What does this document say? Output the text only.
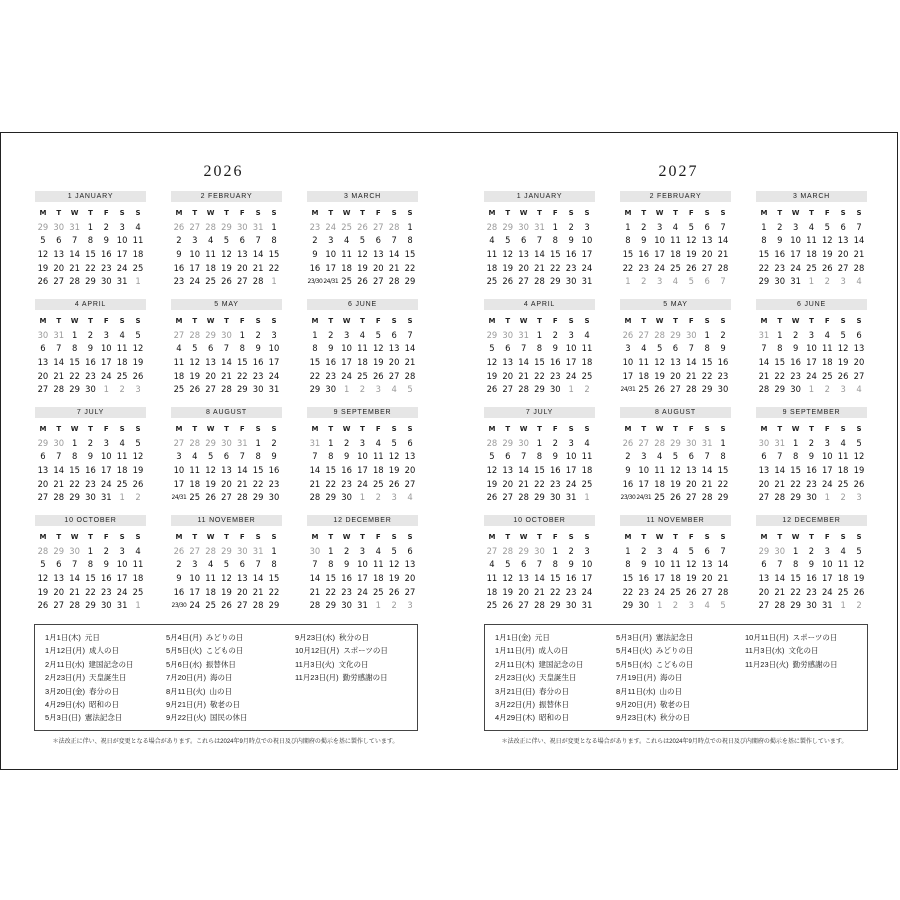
2026
1 JANUARY
M	T	W	T	F	S	S
29 30 31 1	2	3	4
5	6	7	8	9 10 11
12 13 14 15 16 17 18
19 20 21 22 23 24 25
26 27 28 29 30 31 1
2 FEBRUARY
M	T	W	T	F	S	S
26 27 28 29 30 31 1
2	3	4	5	6	7	8
9 10 11 12 13 14 15
16 17 18 19 20 21 22
23 24 25 26 27 28 1
3 MARCH
M	T	W	T	F	S	S
23 24 25 26 27 28 1
2	3	4	5	6	7	8
9 10 11 12 13 14 15
16 17 18 19 20 21 22
23/30 24/31 25 26 27 28 29
4 APRIL
M	T	W	T	F	S	S
30 31 1	2	3	4	5
6	7	8	9 10 11 12
13 14 15 16 17 18 19
20 21 22 23 24 25 26
27 28 29 30 1	2	3
5 MAY
M	T	W	T	F	S	S
27 28 29 30 1	2	3
4	5	6	7	8	9 10
11 12 13 14 15 16 17
18 19 20 21 22 23 24
25 26 27 28 29 30 31
6 JUNE
M	T	W	T	F	S	S
1	2	3	4	5	6	7
8	9 10 11 12 13 14
15 16 17 18 19 20 21
22 23 24 25 26 27 28
29 30 1	2	3	4	5
7 JULY
M	T	W	T	F	S	S
29 30 1	2	3	4	5
6	7	8	9 10 11 12
13 14 15 16 17 18 19
20 21 22 23 24 25 26
27 28 29 30 31 1	2
8 AUGUST
M	T	W	T	F	S	S
27 28 29 30 31 1	2
3	4	5	6	7	8	9
10 11 12 13 14 15 16
17 18 19 20 21 22 23
24/31 25 26 27 28 29 30
9 SEPTEMBER
M	T	W	T	F	S	S
31 1	2	3	4	5	6
7	8	9 10 11 12 13
14 15 16 17 18 19 20
21 22 23 24 25 26 27
28 29 30 1	2	3	4
10 OCTOBER
M	T	W	T	F	S	S
28 29 30 1	2	3	4
5	6	7	8	9 10 11
12 13 14 15 16 17 18
19 20 21 22 23 24 25
26 27 28 29 30 31 1
11 NOVEMBER
M	T	W	T	F	S	S
26 27 28 29 30 31 1
2	3	4	5	6	7	8
9 10 11 12 13 14 15
16 17 18 19 20 21 22
23/30 24 25 26 27 28 29
12 DECEMBER
M	T	W	T	F	S	S
30 1	2	3	4	5	6
7	8	9 10 11 12 13
14 15 16 17 18 19 20
21 22 23 24 25 26 27
28 29 30 31 1	2	3
1月1日(木) 元日
1月12日(月) 成人の日
2月11日(水) 建国記念の日
2月23日(月) 天皇誕生日
3月20日(金) 春分の日
4月29日(水) 昭和の日
5月3日(日) 憲法記念日
5月4日(月) みどりの日
5月5日(火) こどもの日
5月6日(水) 振替休日
7月20日(月) 海の日
8月11日(火) 山の日
9月21日(月) 敬老の日
9月22日(火) 国民の休日
9月23日(水) 秋分の日
10月12日(月) スポーツの日
11月3日(火) 文化の日
11月23日(月) 勤労感謝の日
＊法改正に伴い、祝日が変更となる場合があります。これらは2024年9月時点での祝日及び内閣府の掲示を基に製作しています。
2027
1 JANUARY
M	T	W	T	F	S	S
28 29 30 31 1	2	3
4	5	6	7	8	9 10
11 12 13 14 15 16 17
18 19 20 21 22 23 24
25 26 27 28 29 30 31
2 FEBRUARY
M	T	W	T	F	S	S
1	2	3	4	5	6	7
8	9 10 11 12 13 14
15 16 17 18 19 20 21
22 23 24 25 26 27 28
1	2	3	4	5	6	7
3 MARCH
M	T	W	T	F	S	S
1	2	3	4	5	6	7
8	9 10 11 12 13 14
15 16 17 18 19 20 21
22 23 24 25 26 27 28
29 30 31 1	2	3	4
4 APRIL
M	T	W	T	F	S	S
29 30 31 1	2	3	4
5	6	7	8	9 10 11
12 13 14 15 16 17 18
19 20 21 22 23 24 25
26 27 28 29 30 1	2
5 MAY
M	T	W	T	F	S	S
26 27 28 29 30 1	2
3	4	5	6	7	8	9
10 11 12 13 14 15 16
17 18 19 20 21 22 23
24/31 25 26 27 28 29 30
6 JUNE
M	T	W	T	F	S	S
31 1	2	3	4	5	6
7	8	9 10 11 12 13
14 15 16 17 18 19 20
21 22 23 24 25 26 27
28 29 30 1	2	3	4
7 JULY
M	T	W	T	F	S	S
28 29 30 1	2	3	4
5	6	7	8	9 10 11
12 13 14 15 16 17 18
19 20 21 22 23 24 25
26 27 28 29 30 31 1
8 AUGUST
M	T	W	T	F	S	S
26 27 28 29 30 31 1
2	3	4	5	6	7	8
9 10 11 12 13 14 15
16 17 18 19 20 21 22
23/30 24/31 25 26 27 28 29
9 SEPTEMBER
M	T	W	T	F	S	S
30 31 1	2	3	4	5
6	7	8	9 10 11 12
13 14 15 16 17 18 19
20 21 22 23 24 25 26
27 28 29 30 1	2	3
10 OCTOBER
M	T	W	T	F	S	S
27 28 29 30 1	2	3
4	5	6	7	8	9 10
11 12 13 14 15 16 17
18 19 20 21 22 23 24
25 26 27 28 29 30 31
11 NOVEMBER
M	T	W	T	F	S	S
1	2	3	4	5	6	7
8	9 10 11 12 13 14
15 16 17 18 19 20 21
22 23 24 25 26 27 28
29 30 1	2	3	4	5
12 DECEMBER
M	T	W	T	F	S	S
29 30 1	2	3	4	5
6	7	8	9 10 11 12
13 14 15 16 17 18 19
20 21 22 23 24 25 26
27 28 29 30 31 1	2
1月1日(金) 元日
1月11日(月) 成人の日
2月11日(木) 建国記念の日
2月23日(火) 天皇誕生日
3月21日(日) 春分の日
3月22日(月) 振替休日
4月29日(木) 昭和の日
5月3日(月) 憲法記念日
5月4日(火) みどりの日
5月5日(水) こどもの日
7月19日(月) 海の日
8月11日(水) 山の日
9月20日(月) 敬老の日
9月23日(木) 秋分の日
10月11日(月) スポーツの日
11月3日(水) 文化の日
11月23日(火) 勤労感謝の日
＊法改正に伴い、祝日が変更となる場合があります。これらは2024年9月時点での祝日及び内閣府の掲示を基に製作しています。
